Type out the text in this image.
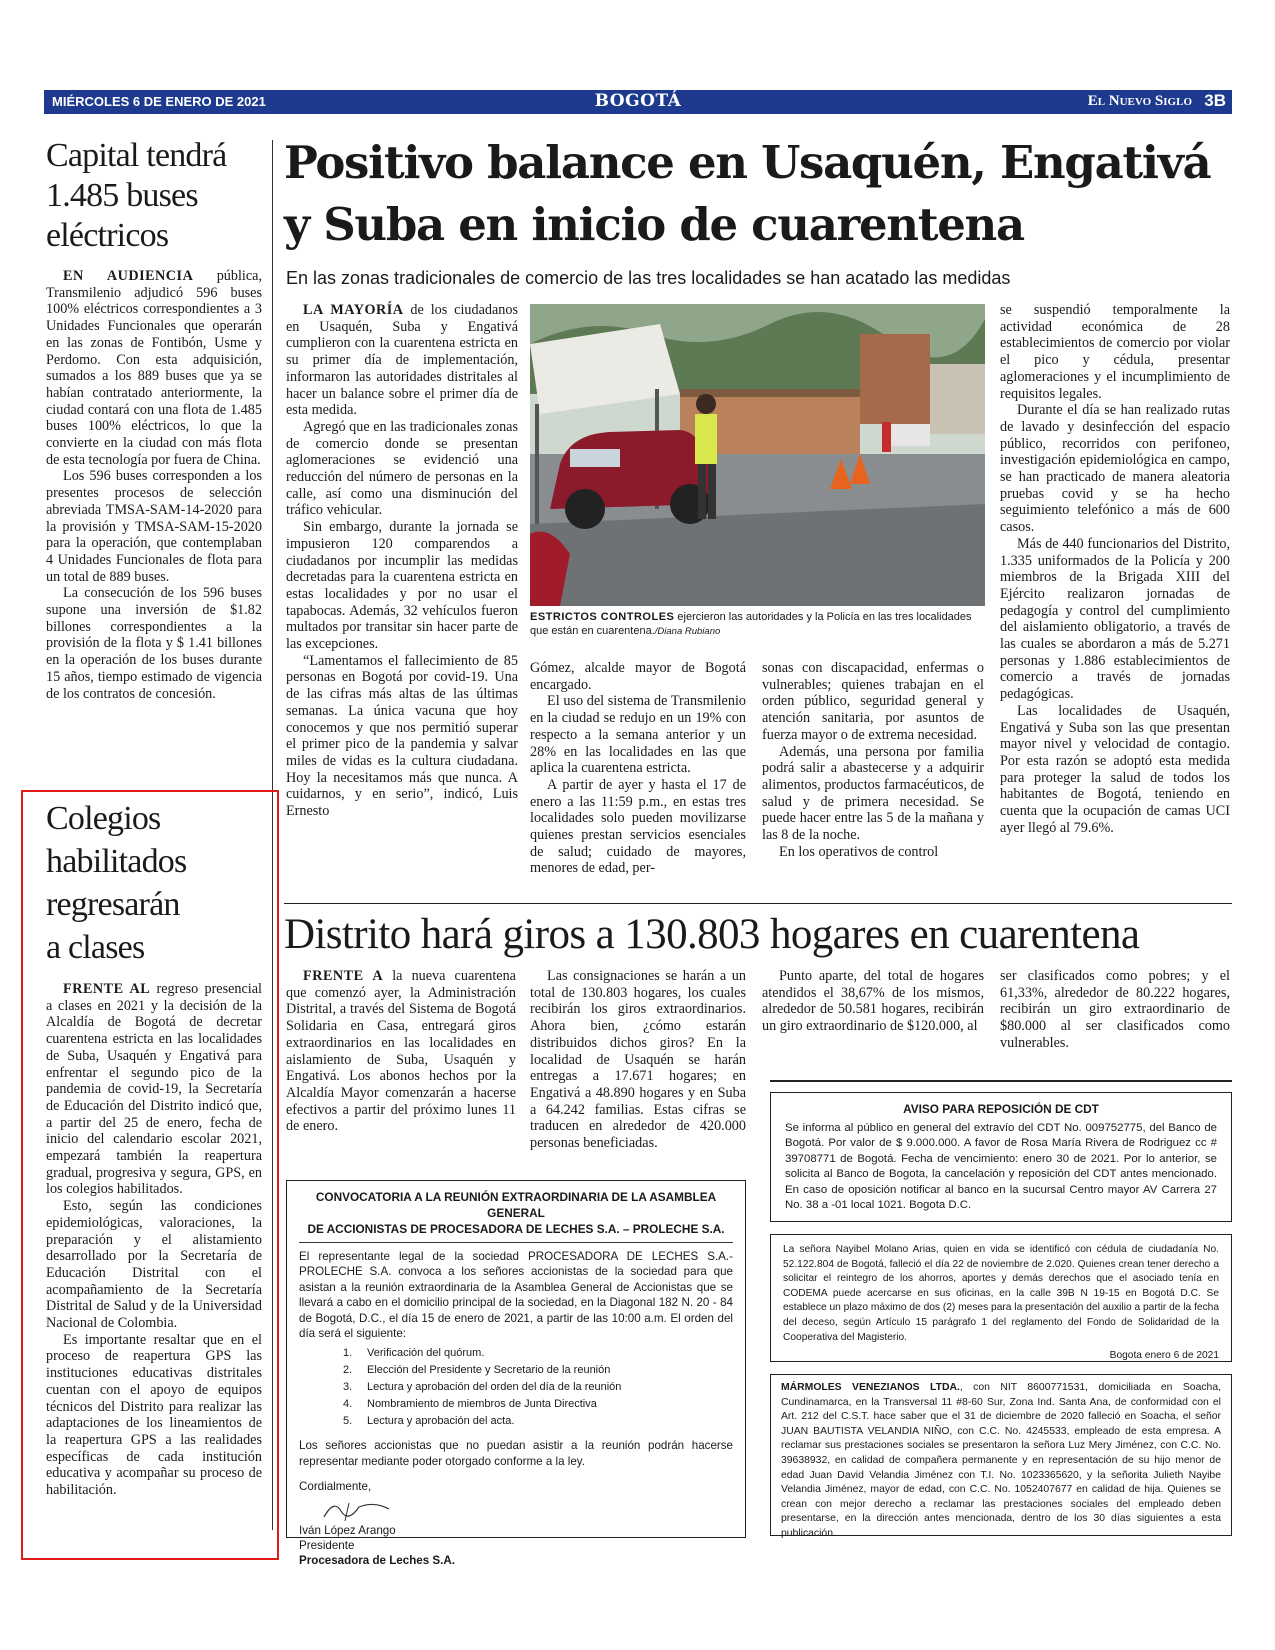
MIÉRCOLES 6 DE ENERO DE 2021	BOGOTÁ	El Nuevo Siglo 3B
Capital tendrá
1.485 buses
eléctricos

EN AUDIENCIA pública, Transmilenio adjudicó 596 buses 100% eléctricos correspondientes a 3 Unidades Funcionales que operarán en las zonas de Fontibón, Usme y Perdomo. Con esta adquisición, sumados a los 889 buses que ya se habían contratado anteriormente, la ciudad contará con una flota de 1.485 buses 100% eléctricos, lo que la convierte en la ciudad con más flota de esta tecnología por fuera de China.

Los 596 buses corresponden a los presentes procesos de selección abreviada TMSA-SAM-14-2020 para la provisión y TMSA-SAM-15-2020 para la operación, que contemplaban 4 Unidades Funcionales de flota para un total de 889 buses.

La consecución de los 596 buses supone una inversión de $1.82 billones correspondientes a la provisión de la flota y $ 1.41 billones en la operación de los buses durante 15 años, tiempo estimado de vigencia de los contratos de concesión.

Colegios
habilitados
regresarán
a clases

FRENTE AL regreso presencial a clases en 2021 y la decisión de la Alcaldía de Bogotá de decretar cuarentena estricta en las localidades de Suba, Usaquén y Engativá para enfrentar el segundo pico de la pandemia de covid-19, la Secretaría de Educación del Distrito indicó que, a partir del 25 de enero, fecha de inicio del calendario escolar 2021, empezará también la reapertura gradual, progresiva y segura, GPS, en los colegios habilitados.

Esto, según las condiciones epidemiológicas, valoraciones, la preparación y el alistamiento desarrollado por la Secretaría de Educación Distrital con el acompañamiento de la Secretaría Distrital de Salud y de la Universidad Nacional de Colombia.

Es importante resaltar que en el proceso de reapertura GPS las instituciones educativas distritales cuentan con el apoyo de equipos técnicos del Distrito para realizar las adaptaciones de los lineamientos de la reapertura GPS a las realidades específicas de cada institución educativa y acompañar su proceso de habilitación.

Positivo balance en Usaquén, Engativá
y Suba en inicio de cuarentena
En las zonas tradicionales de comercio de las tres localidades se han acatado las medidas

LA MAYORÍA de los ciudadanos en Usaquén, Suba y Engativá cumplieron con la cuarentena estricta en su primer día de implementación, informaron las autoridades distritales al hacer un balance sobre el primer día de esta medida.

Agregó que en las tradicionales zonas de comercio donde se presentan aglomeraciones se evidenció una reducción del número de personas en la calle, así como una disminución del tráfico vehicular.

Sin embargo, durante la jornada se impusieron 120 comparendos a ciudadanos por incumplir las medidas decretadas para la cuarentena estricta en estas localidades y por no usar el tapabocas. Además, 32 vehículos fueron multados por transitar sin hacer parte de las excepciones.

“Lamentamos el fallecimiento de 85 personas en Bogotá por covid-19. Una de las cifras más altas de las últimas semanas. La única vacuna que hoy conocemos y que nos permitió superar el primer pico de la pandemia y salvar miles de vidas es la cultura ciudadana. Hoy la necesitamos más que nunca. A cuidarnos, y en serio”, indicó, Luis Ernesto

ESTRICTOS CONTROLES ejercieron las autoridades y la Policía en las tres localidades que están en cuarentena./Diana Rubiano

Gómez, alcalde mayor de Bogotá encargado.

El uso del sistema de Transmilenio en la ciudad se redujo en un 19% con respecto a la semana anterior y un 28% en las localidades en las que aplica la cuarentena estricta.

A partir de ayer y hasta el 17 de enero a las 11:59 p.m., en estas tres localidades solo pueden movilizarse quienes prestan servicios esenciales de salud; cuidado de mayores, menores de edad, per-

sonas con discapacidad, enfermas o vulnerables; quienes trabajan en el orden público, seguridad general y atención sanitaria, por asuntos de fuerza mayor o de extrema necesidad.

Además, una persona por familia podrá salir a abastecerse y a adquirir alimentos, productos farmacéuticos, de salud y de primera necesidad. Se puede hacer entre las 5 de la mañana y las 8 de la noche.

En los operativos de control

se suspendió temporalmente la actividad económica de 28 establecimientos de comercio por violar el pico y cédula, presentar aglomeraciones y el incumplimiento de requisitos legales.

Durante el día se han realizado rutas de lavado y desinfección del espacio público, recorridos con perifoneo, investigación epidemiológica en campo, se han practicado de manera aleatoria pruebas covid y se ha hecho seguimiento telefónico a más de 600 casos.

Más de 440 funcionarios del Distrito, 1.335 uniformados de la Policía y 200 miembros de la Brigada XIII del Ejército realizaron jornadas de pedagogía y control del cumplimiento del aislamiento obligatorio, a través de las cuales se abordaron a más de 5.271 personas y 1.886 establecimientos de comercio a través de jornadas pedagógicas.

Las localidades de Usaquén, Engativá y Suba son las que presentan mayor nivel y velocidad de contagio. Por esta razón se adoptó esta medida para proteger la salud de todos los habitantes de Bogotá, teniendo en cuenta que la ocupación de camas UCI ayer llegó al 79.6%.

Distrito hará giros a 130.803 hogares en cuarentena

FRENTE A la nueva cuarentena que comenzó ayer, la Administración Distrital, a través del Sistema de Bogotá Solidaria en Casa, entregará giros extraordinarios en las localidades en aislamiento de Suba, Usaquén y Engativá. Los abonos hechos por la Alcaldía Mayor comenzarán a hacerse efectivos a partir del próximo lunes 11 de enero.

Las consignaciones se harán a un total de 130.803 hogares, los cuales recibirán los giros extraordinarios. Ahora bien, ¿cómo estarán distribuidos dichos giros? En la localidad de Usaquén se harán entregas a 17.671 hogares; en Engativá a 48.890 hogares y en Suba a 64.242 familias. Estas cifras se traducen en alrededor de 420.000 personas beneficiadas.

Punto aparte, del total de hogares atendidos el 38,67% de los mismos, alrededor de 50.581 hogares, recibirán un giro extraordinario de $120.000, al

ser clasificados como pobres; y el 61,33%, alrededor de 80.222 hogares, recibirán un giro extraordinario de $80.000 al ser clasificados como vulnerables.

CONVOCATORIA A LA REUNIÓN EXTRAORDINARIA DE LA ASAMBLEA GENERAL
DE ACCIONISTAS DE PROCESADORA DE LECHES S.A. – PROLECHE S.A.
El representante legal de la sociedad PROCESADORA DE LECHES S.A.- PROLECHE S.A. convoca a los señores accionistas de la sociedad para que asistan a la reunión extraordinaria de la Asamblea General de Accionistas que se llevará a cabo en el domicilio principal de la sociedad, en la Diagonal 182 N. 20 - 84 de Bogotá, D.C., el día 15 de enero de 2021, a partir de las 10:00 a.m. El orden del día será el siguiente:
1. Verificación del quórum.
2. Elección del Presidente y Secretario de la reunión
3. Lectura y aprobación del orden del día de la reunión
4. Nombramiento de miembros de Junta Directiva
5. Lectura y aprobación del acta.
Los señores accionistas que no puedan asistir a la reunión podrán hacerse representar mediante poder otorgado conforme a la ley.
Cordialmente,
Iván López Arango
Presidente
Procesadora de Leches S.A.
AVISO PARA REPOSICIÓN DE CDT
Se informa al público en general del extravío del CDT No. 009752775, del Banco de Bogotá. Por valor de $ 9.000.000. A favor de Rosa María Rivera de Rodriguez cc # 39708771 de Bogotá. Fecha de vencimiento: enero 30 de 2021. Por lo anterior, se solicita al Banco de Bogota, la cancelación y reposición del CDT antes mencionado. En caso de oposición notificar al banco en la sucursal Centro mayor AV Carrera 27 No. 38 a -01 local 1021. Bogota D.C.
La señora Nayibel Molano Arias, quien en vida se identificó con cédula de ciudadanía No. 52.122.804 de Bogotá, falleció el día 22 de noviembre de 2.020. Quienes crean tener derecho a solicitar el reintegro de los ahorros, aportes y demás derechos que el asociado tenía en CODEMA puede acercarse en sus oficinas, en la calle 39B N 19-15 en Bogotá D.C. Se establece un plazo máximo de dos (2) meses para la presentación del auxilio a partir de la fecha del deceso, según Artículo 15 parágrafo 1 del reglamento del Fondo de Solidaridad de la Cooperativa del Magisterio.
Bogota enero 6 de 2021
MÁRMOLES VENEZIANOS LTDA., con NIT 8600771531, domiciliada en Soacha, Cundinamarca, en la Transversal 11 #8-60 Sur, Zona Ind. Santa Ana, de conformidad con el Art. 212 del C.S.T. hace saber que el 31 de diciembre de 2020 falleció en Soacha, el señor JUAN BAUTISTA VELANDIA NIÑO, con C.C. No. 4245533, empleado de esta empresa. A reclamar sus prestaciones sociales se presentaron la señora Luz Mery Jiménez, con C.C. No. 39638932, en calidad de compañera permanente y en representación de su hijo menor de edad Juan David Velandia Jiménez con T.I. No. 1023365620, y la señorita Julieth Nayibe Velandia Jiménez, mayor de edad, con C.C. No. 1052407677 en calidad de hija. Quienes se crean con mejor derecho a reclamar las prestaciones sociales del empleado deben presentarse, en la dirección antes mencionada, dentro de los 30 días siguientes a esta publicación.
